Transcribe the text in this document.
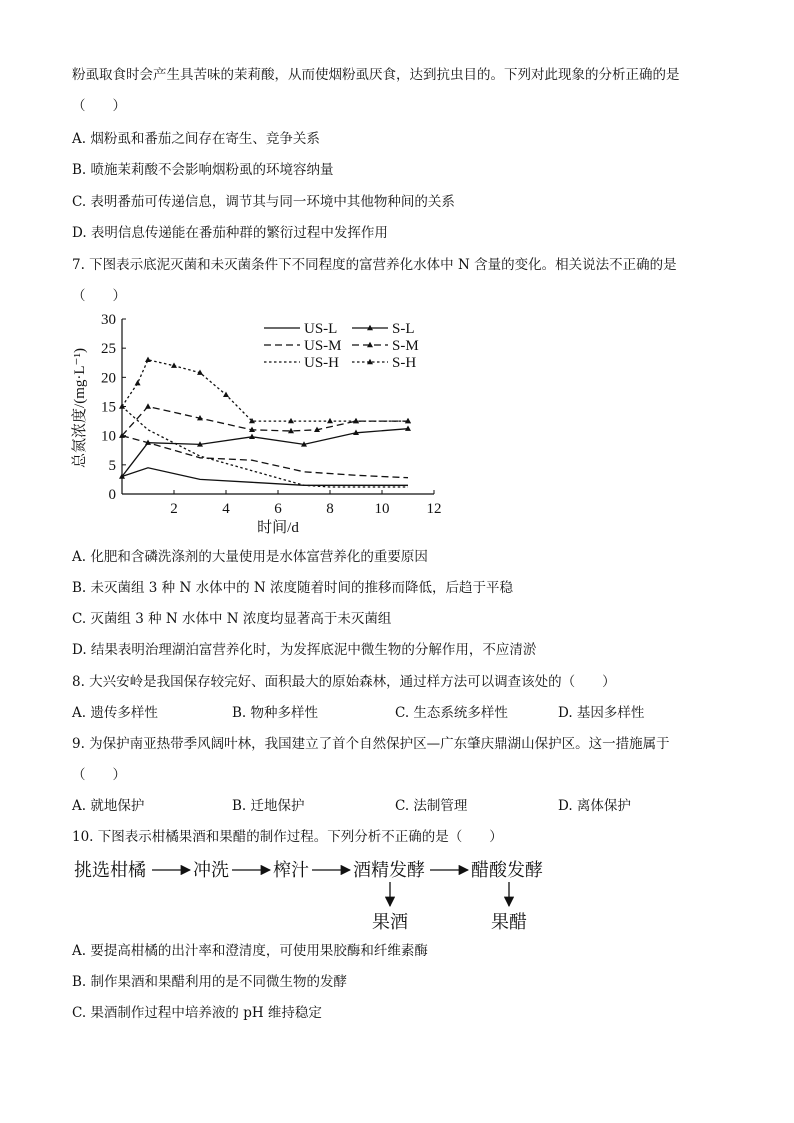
粉虱取食时会产生具苦味的茉莉酸，从而使烟粉虱厌食，达到抗虫目的。下列对此现象的分析正确的是
（　　）
A. 烟粉虱和番茄之间存在寄生、竞争关系
B. 喷施茉莉酸不会影响烟粉虱的环境容纳量
C. 表明番茄可传递信息，调节其与同一环境中其他物种间的关系
D. 表明信息传递能在番茄种群的繁衍过程中发挥作用
7. 下图表示底泥灭菌和未灭菌条件下不同程度的富营养化水体中 N 含量的变化。相关说法不正确的是
（　　）
0
5
10
15
20
25
30
2	4	6	8	10 12
US-L
US-M
US-H
S-L
S-M
S-H
总氮浓度/(mg·L⁻¹)
时间/d
A. 化肥和含磷洗涤剂的大量使用是水体富营养化的重要原因
B. 未灭菌组 3 种 N 水体中的 N 浓度随着时间的推移而降低，后趋于平稳
C. 灭菌组 3 种 N 水体中 N 浓度均显著高于未灭菌组
D. 结果表明治理湖泊富营养化时，为发挥底泥中微生物的分解作用，不应清淤
8. 大兴安岭是我国保存较完好、面积最大的原始森林，通过样方法可以调查该处的（　　）
A. 遗传多样性	B. 物种多样性	C. 生态系统多样性	D. 基因多样性
9. 为保护南亚热带季风阔叶林，我国建立了首个自然保护区—广东肇庆鼎湖山保护区。这一措施属于
（　　）
A. 就地保护	B. 迁地保护	C. 法制管理	D. 离体保护
10. 下图表示柑橘果酒和果醋的制作过程。下列分析不正确的是（　　）
挑选柑橘	冲洗 榨汁 酒精发酵	醋酸发酵
果酒	果醋
A. 要提高柑橘的出汁率和澄清度，可使用果胶酶和纤维素酶
B. 制作果酒和果醋利用的是不同微生物的发酵
C. 果酒制作过程中培养液的 pH 维持稳定
